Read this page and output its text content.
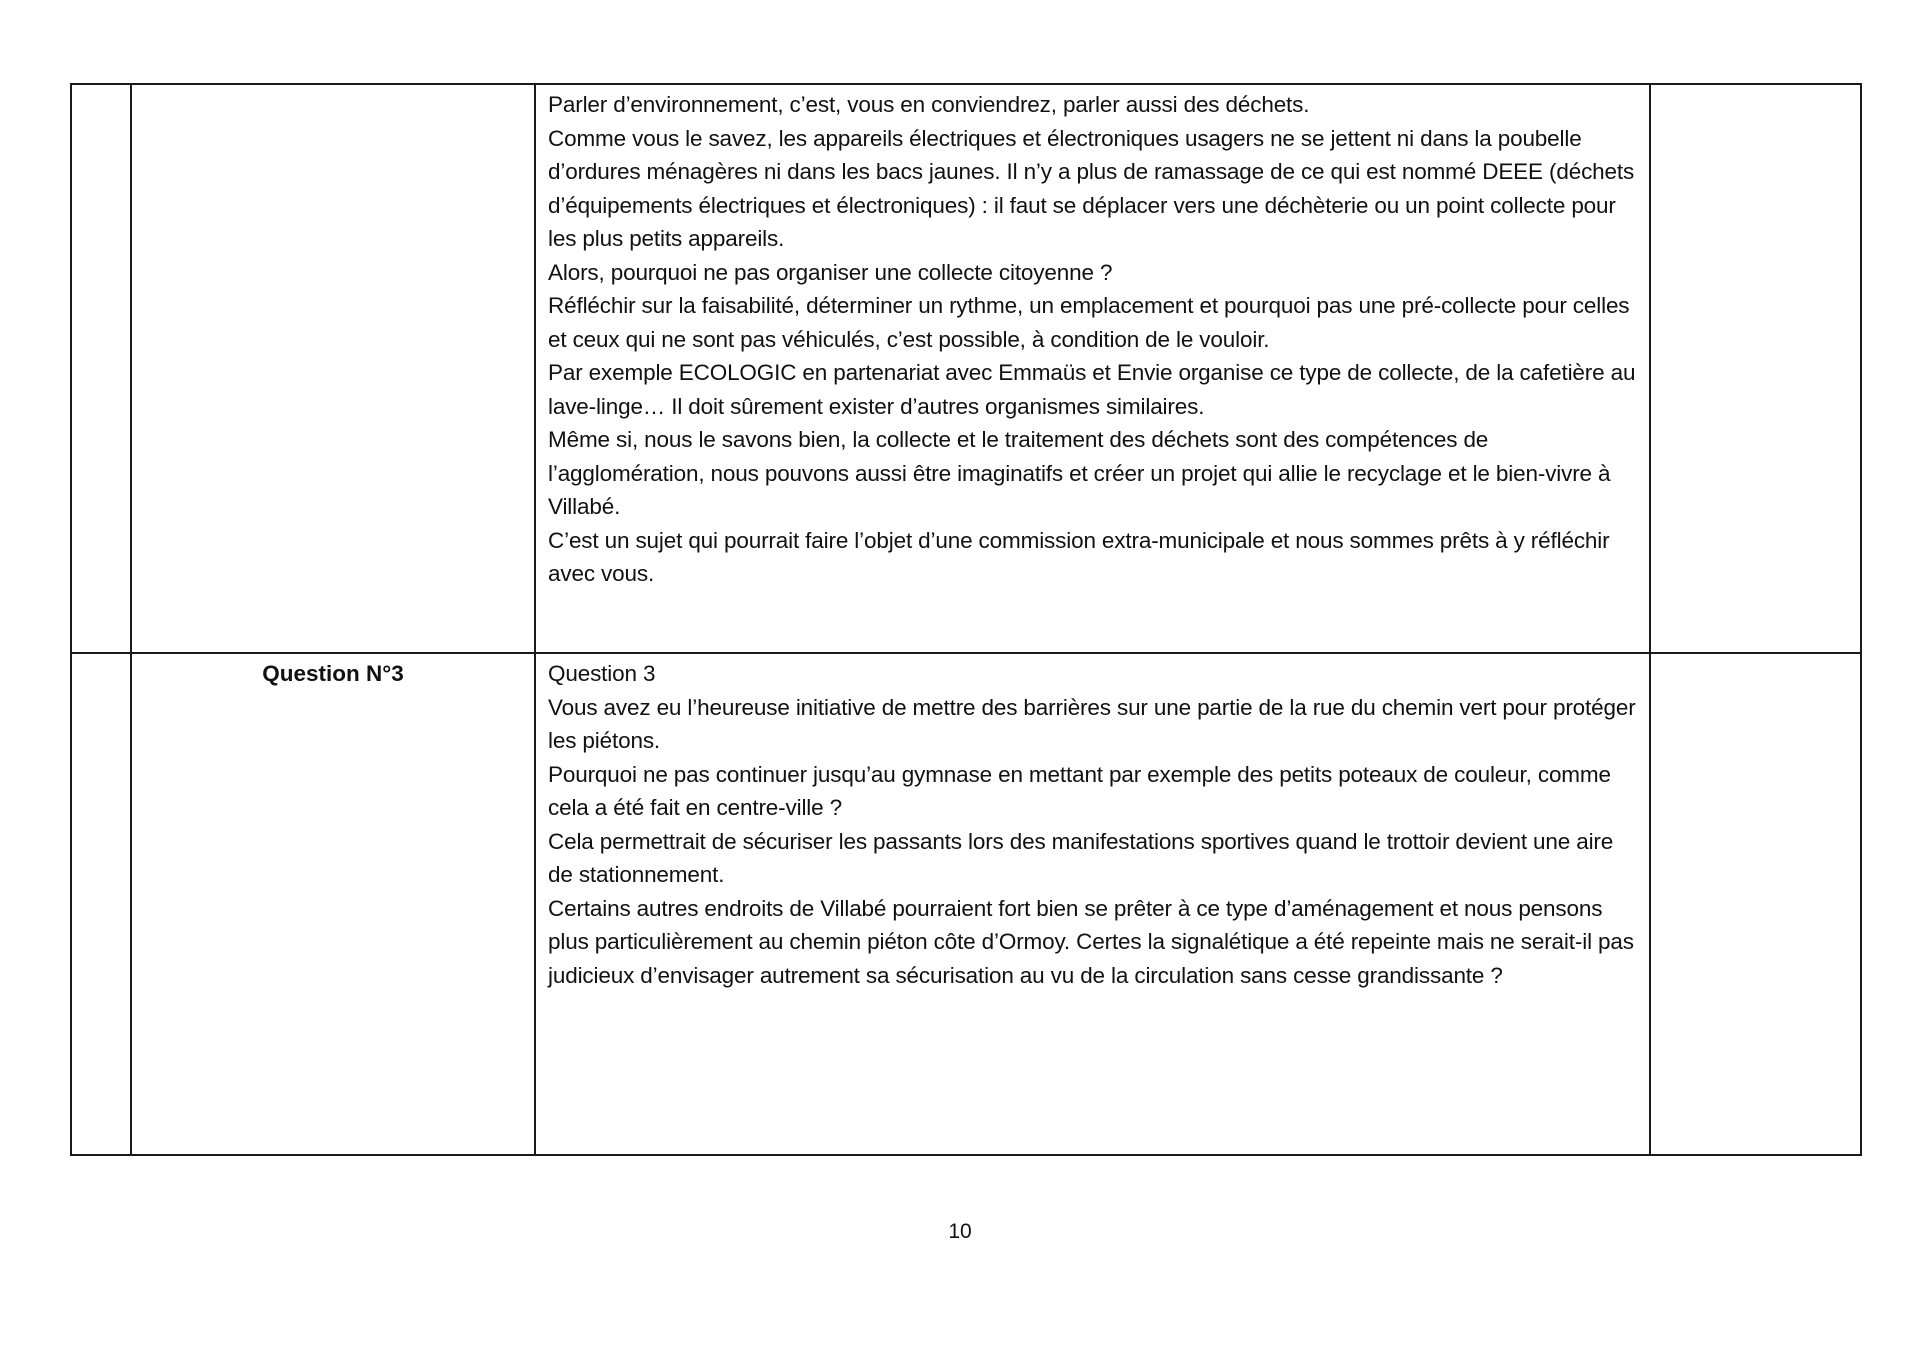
Parler d’environnement, c’est, vous en conviendrez, parler aussi des déchets.

Comme vous le savez, les appareils électriques et électroniques usagers ne se jettent ni dans la poubelle d’ordures ménagères ni dans les bacs jaunes. Il n’y a plus de ramassage de ce qui est nommé DEEE (déchets d’équipements électriques et électroniques) : il faut se déplacer vers une déchèterie ou un point collecte pour les plus petits appareils.

Alors, pourquoi ne pas organiser une collecte citoyenne ?

Réfléchir sur la faisabilité, déterminer un rythme, un emplacement et pourquoi pas une pré-collecte pour celles et ceux qui ne sont pas véhiculés, c’est possible, à condition de le vouloir.

Par exemple ECOLOGIC en partenariat avec Emmaüs et Envie organise ce type de collecte, de la cafetière au lave-linge… Il doit sûrement exister d’autres organismes similaires.

Même si, nous le savons bien, la collecte et le traitement des déchets sont des compétences de l’agglomération, nous pouvons aussi être imaginatifs et créer un projet qui allie le recyclage et le bien-vivre à Villabé.

C’est un sujet qui pourrait faire l’objet d’une commission extra-municipale et nous sommes prêts à y réfléchir avec vous.

	Question N°3	Question 3

Vous avez eu l’heureuse initiative de mettre des barrières sur une partie de la rue du chemin vert pour protéger les piétons.

Pourquoi ne pas continuer jusqu’au gymnase en mettant par exemple des petits poteaux de couleur, comme cela a été fait en centre-ville ?

Cela permettrait de sécuriser les passants lors des manifestations sportives quand le trottoir devient une aire de stationnement.

Certains autres endroits de Villabé pourraient fort bien se prêter à ce type d’aménagement et nous pensons plus particulièrement au chemin piéton côte d’Ormoy. Certes la signalétique a été repeinte mais ne serait-il pas judicieux d’envisager autrement sa sécurisation au vu de la circulation sans cesse grandissante ?	

10
